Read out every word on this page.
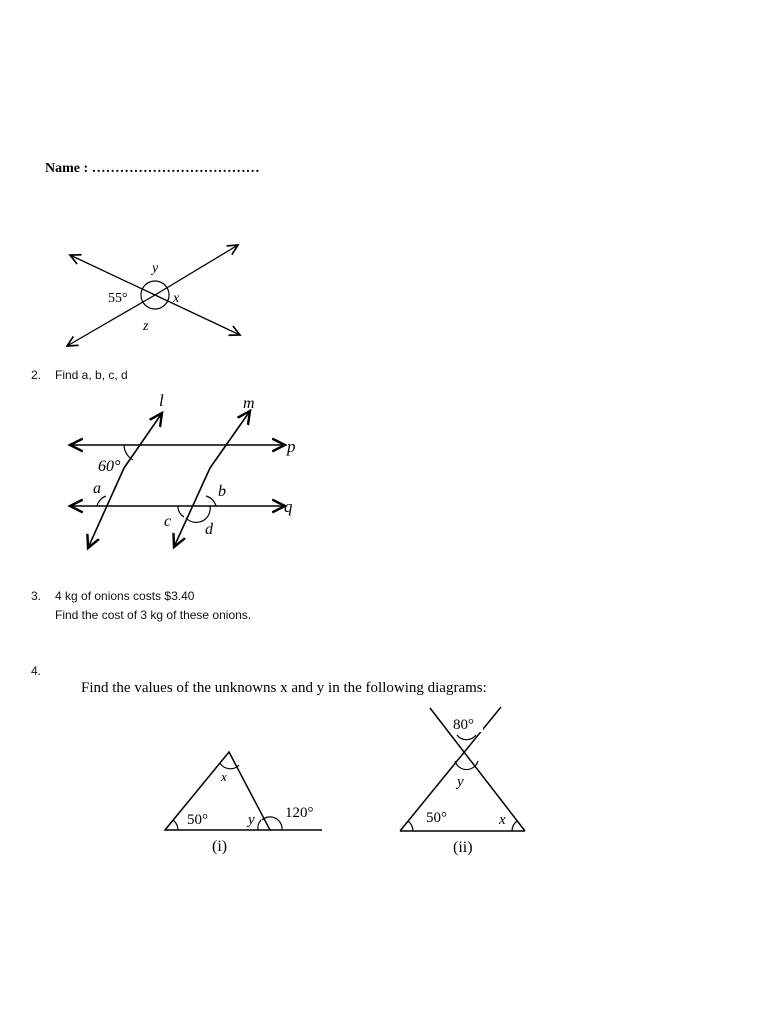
Name : ………………………………
55°
y
x
z
2. Find a, b, c, d
l	m
p
q
60°
a	b
c d
3. 4 kg of onions costs $3.40
Find the cost of 3 kg of these onions.
4.
Find the values of the unknowns x and y in the following diagrams:
x
50°	y 120°
(i)
80°
y
50°	x
(ii)
